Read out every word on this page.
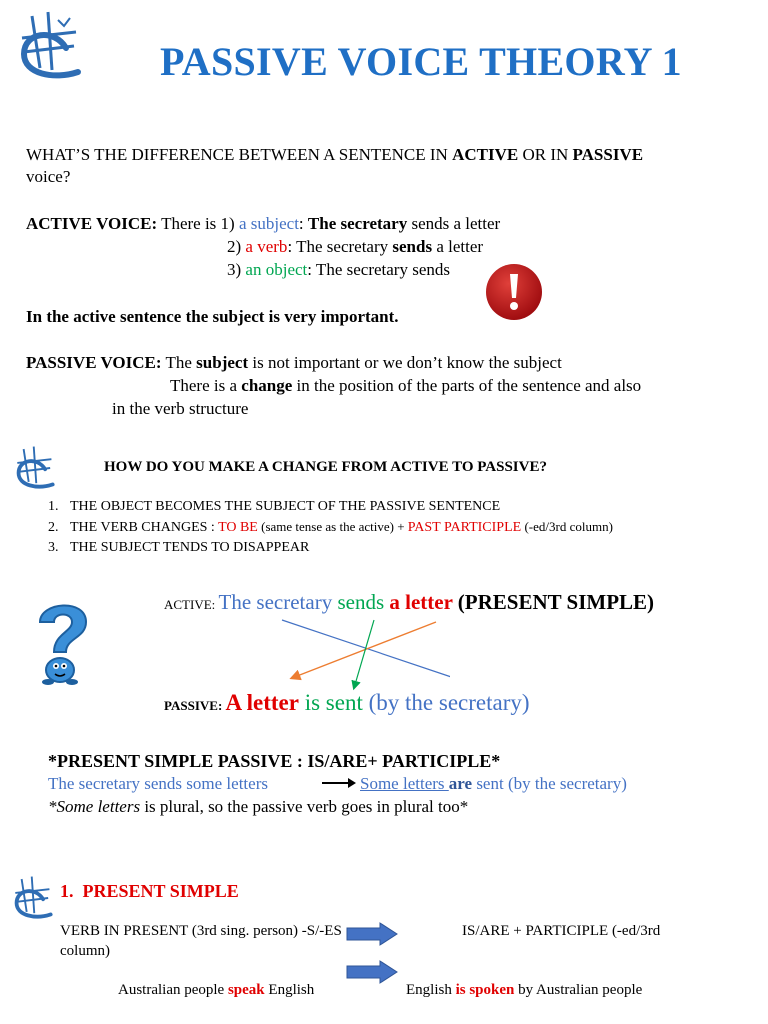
PASSIVE VOICE THEORY 1
WHAT’S THE DIFFERENCE BETWEEN A SENTENCE IN ACTIVE OR IN PASSIVE
voice?
ACTIVE VOICE: There is 1) a subject: The secretary sends a letter
2) a verb: The secretary sends a letter
3) an object: The secretary sends
In the active sentence the subject is very important.
PASSIVE VOICE: The subject is not important or we don’t know the subject
There is a change in the position of the parts of the sentence and also
in the verb structure
HOW DO YOU MAKE A CHANGE FROM ACTIVE TO PASSIVE?
1. THE OBJECT BECOMES THE SUBJECT OF THE PASSIVE SENTENCE
2. THE VERB CHANGES : TO BE (same tense as the active) + PAST PARTICIPLE (-ed/3rd column)
3. THE SUBJECT TENDS TO DISAPPEAR
ACTIVE: The secretary sends a letter (PRESENT SIMPLE)
PASSIVE: A letter is sent (by the secretary)
*PRESENT SIMPLE PASSIVE : IS/ARE+ PARTICIPLE*
The secretary sends some letters	Some letters are sent (by the secretary)
*Some letters is plural, so the passive verb goes in plural too*
1.  PRESENT SIMPLE
VERB IN PRESENT (3rd sing. person) -S/-ES
column)
IS/ARE + PARTICIPLE (-ed/3rd
Australian people speak English	English is spoken by Australian people
